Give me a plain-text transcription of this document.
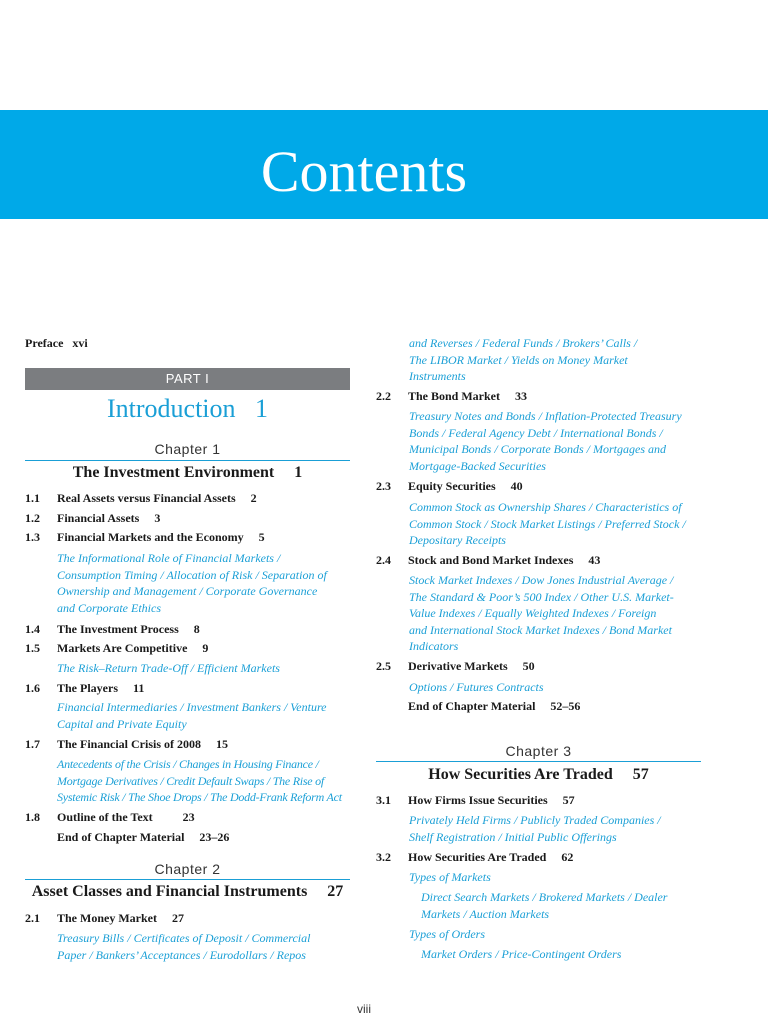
Contents
Preface   xvi
PART I
Introduction   1
Chapter 1
The Investment Environment     1
1.1 Real Assets versus Financial Assets     2
1.2 Financial Assets     3
1.3 Financial Markets and the Economy     5
The Informational Role of Financial Markets /
Consumption Timing / Allocation of Risk / Separation of
Ownership and Management / Corporate Governance
and Corporate Ethics
1.4 The Investment Process     8
1.5 Markets Are Competitive     9
The Risk–Return Trade-Off / Efficient Markets
1.6 The Players     11
Financial Intermediaries / Investment Bankers / Venture
Capital and Private Equity
1.7 The Financial Crisis of 2008     15
Antecedents of the Crisis / Changes in Housing Finance /
Mortgage Derivatives / Credit Default Swaps / The Rise of
Systemic Risk / The Shoe Drops / The Dodd-Frank Reform Act
1.8 Outline of the Text          23
End of Chapter Material     23–26
Chapter 2
Asset Classes and Financial Instruments     27
2.1 The Money Market     27
Treasury Bills / Certificates of Deposit / Commercial
Paper / Bankers’ Acceptances / Eurodollars / Repos
and Reverses / Federal Funds / Brokers’ Calls /
The LIBOR Market / Yields on Money Market
Instruments
2.2 The Bond Market     33
Treasury Notes and Bonds / Inflation-Protected Treasury
Bonds / Federal Agency Debt / International Bonds /
Municipal Bonds / Corporate Bonds / Mortgages and
Mortgage-Backed Securities
2.3 Equity Securities     40
Common Stock as Ownership Shares / Characteristics of
Common Stock / Stock Market Listings / Preferred Stock /
Depositary Receipts
2.4 Stock and Bond Market Indexes     43
Stock Market Indexes / Dow Jones Industrial Average /
The Standard & Poor’s 500 Index / Other U.S. Market-
Value Indexes / Equally Weighted Indexes / Foreign
and International Stock Market Indexes / Bond Market
Indicators
2.5 Derivative Markets     50
Options / Futures Contracts
End of Chapter Material     52–56
Chapter 3
How Securities Are Traded     57
3.1 How Firms Issue Securities     57
Privately Held Firms / Publicly Traded Companies /
Shelf Registration / Initial Public Offerings
3.2 How Securities Are Traded     62
Types of Markets
Direct Search Markets / Brokered Markets / Dealer
Markets / Auction Markets
Types of Orders
Market Orders / Price-Contingent Orders
viii
